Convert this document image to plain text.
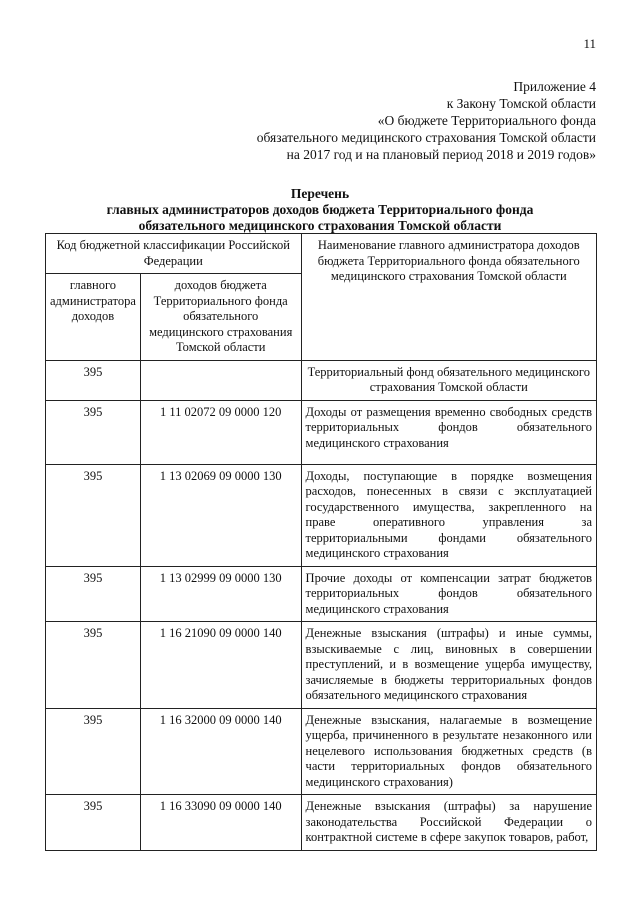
11
Приложение 4
к Закону Томской области
«О бюджете Территориального фонда
обязательного медицинского страхования Томской области
на 2017 год и на плановый период 2018 и 2019 годов»
Перечень
главных администраторов доходов бюджета Территориального фонда
обязательного медицинского страхования Томской области
Код бюджетной классификации Российской Федерации		Наименование главного администратора доходов бюджета Территориального фонда обязательного медицинского страхования Томской области
главного администратора доходов	доходов бюджета Территориального фонда обязательного медицинского страхования Томской области	
395		Территориальный фонд обязательного медицинского страхования Томской области
395	1 11 02072 09 0000 120	Доходы от размещения временно свободных средств территориальных фондов обязательного медицинского страхования
395	1 13 02069 09 0000 130	Доходы, поступающие в порядке возмещения расходов, понесенных в связи с эксплуатацией государственного имущества, закрепленного на праве оперативного управления за территориальными фондами обязательного медицинского страхования
395	1 13 02999 09 0000 130	Прочие доходы от компенсации затрат бюджетов территориальных фондов обязательного медицинского страхования
395	1 16 21090 09 0000 140	Денежные взыскания (штрафы) и иные суммы, взыскиваемые с лиц, виновных в совершении преступлений, и в возмещение ущерба имуществу, зачисляемые в бюджеты территориальных фондов обязательного медицинского страхования
395	1 16 32000 09 0000 140	Денежные взыскания, налагаемые в возмещение ущерба, причиненного в результате незаконного или нецелевого использования бюджетных средств (в части территориальных фондов обязательного медицинского страхования)
395	1 16 33090 09 0000 140	Денежные взыскания (штрафы) за нарушение законодательства Российской Федерации о контрактной системе в сфере закупок товаров, работ,
